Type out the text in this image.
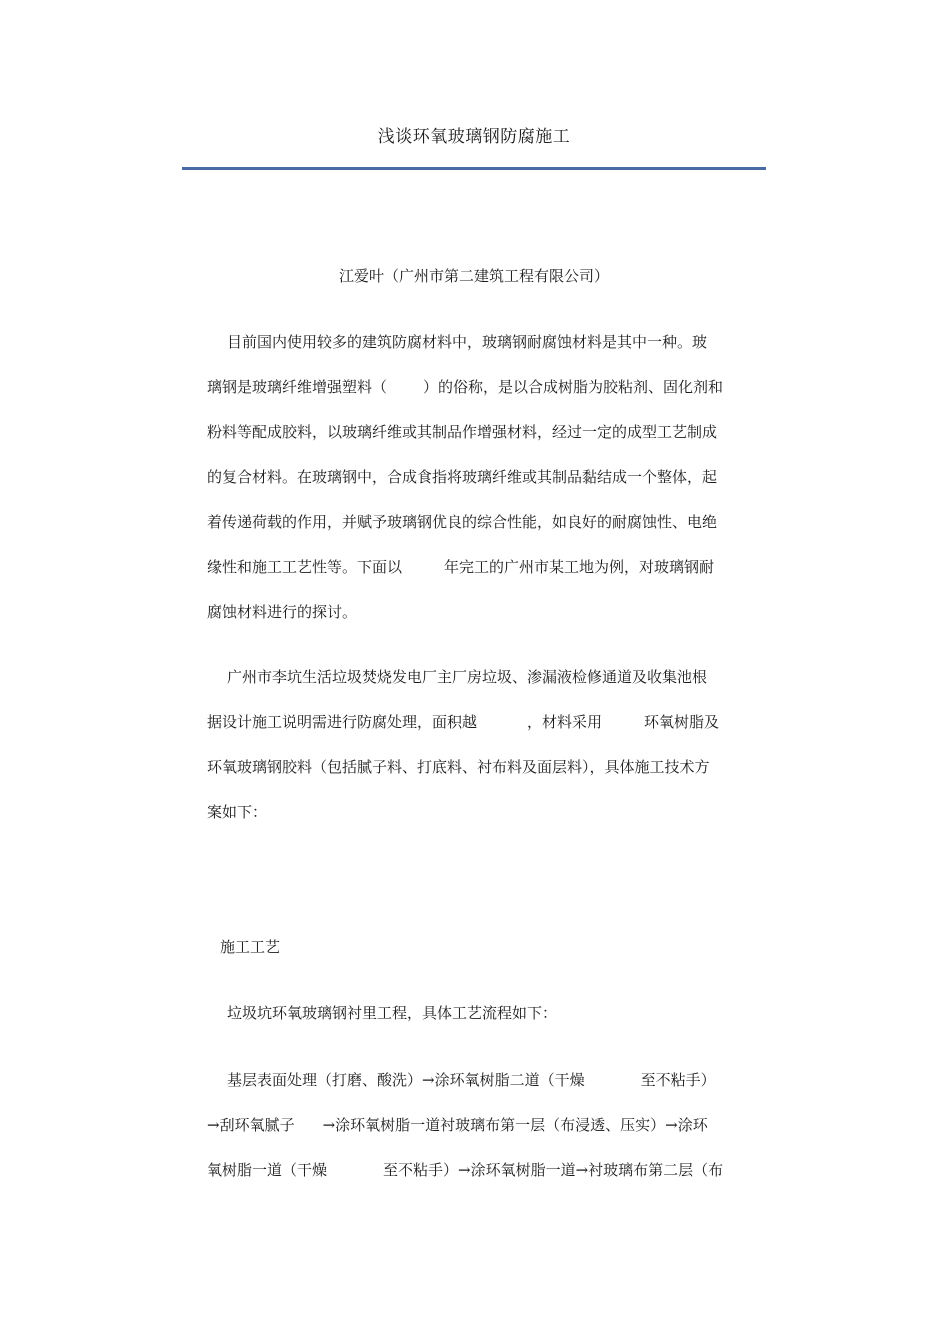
浅谈环氧玻璃钢防腐施工
江爱叶（广州市第二建筑工程有限公司）
目前国内使用较多的建筑防腐材料中，玻璃钢耐腐蚀材料是其中一种。玻
璃钢是玻璃纤维增强塑料（ ）的俗称，是以合成树脂为胶粘剂、固化剂和
粉料等配成胶料，以玻璃纤维或其制品作增强材料，经过一定的成型工艺制成
的复合材料。在玻璃钢中，合成食指将玻璃纤维或其制品黏结成一个整体，起
着传递荷载的作用，并赋予玻璃钢优良的综合性能，如良好的耐腐蚀性、电绝
缘性和施工工艺性等。下面以	年完工的广州市某工地为例，对玻璃钢耐
腐蚀材料进行的探讨。
广州市李坑生活垃圾焚烧发电厂主厂房垃圾、渗漏液检修通道及收集池根
据设计施工说明需进行防腐处理，面积越	，材料采用	环氧树脂及
环氧玻璃钢胶料（包括腻子料、打底料、衬布料及面层料），具体施工技术方
案如下：
施工工艺
垃圾坑环氧玻璃钢衬里工程，具体工艺流程如下：
基层表面处理（打磨、酸洗）→涂环氧树脂二道（干燥	至不粘手）
→刮环氧腻子 →涂环氧树脂一道衬玻璃布第一层（布浸透、压实）→涂环
氧树脂一道（干燥	至不粘手）→涂环氧树脂一道→衬玻璃布第二层（布
